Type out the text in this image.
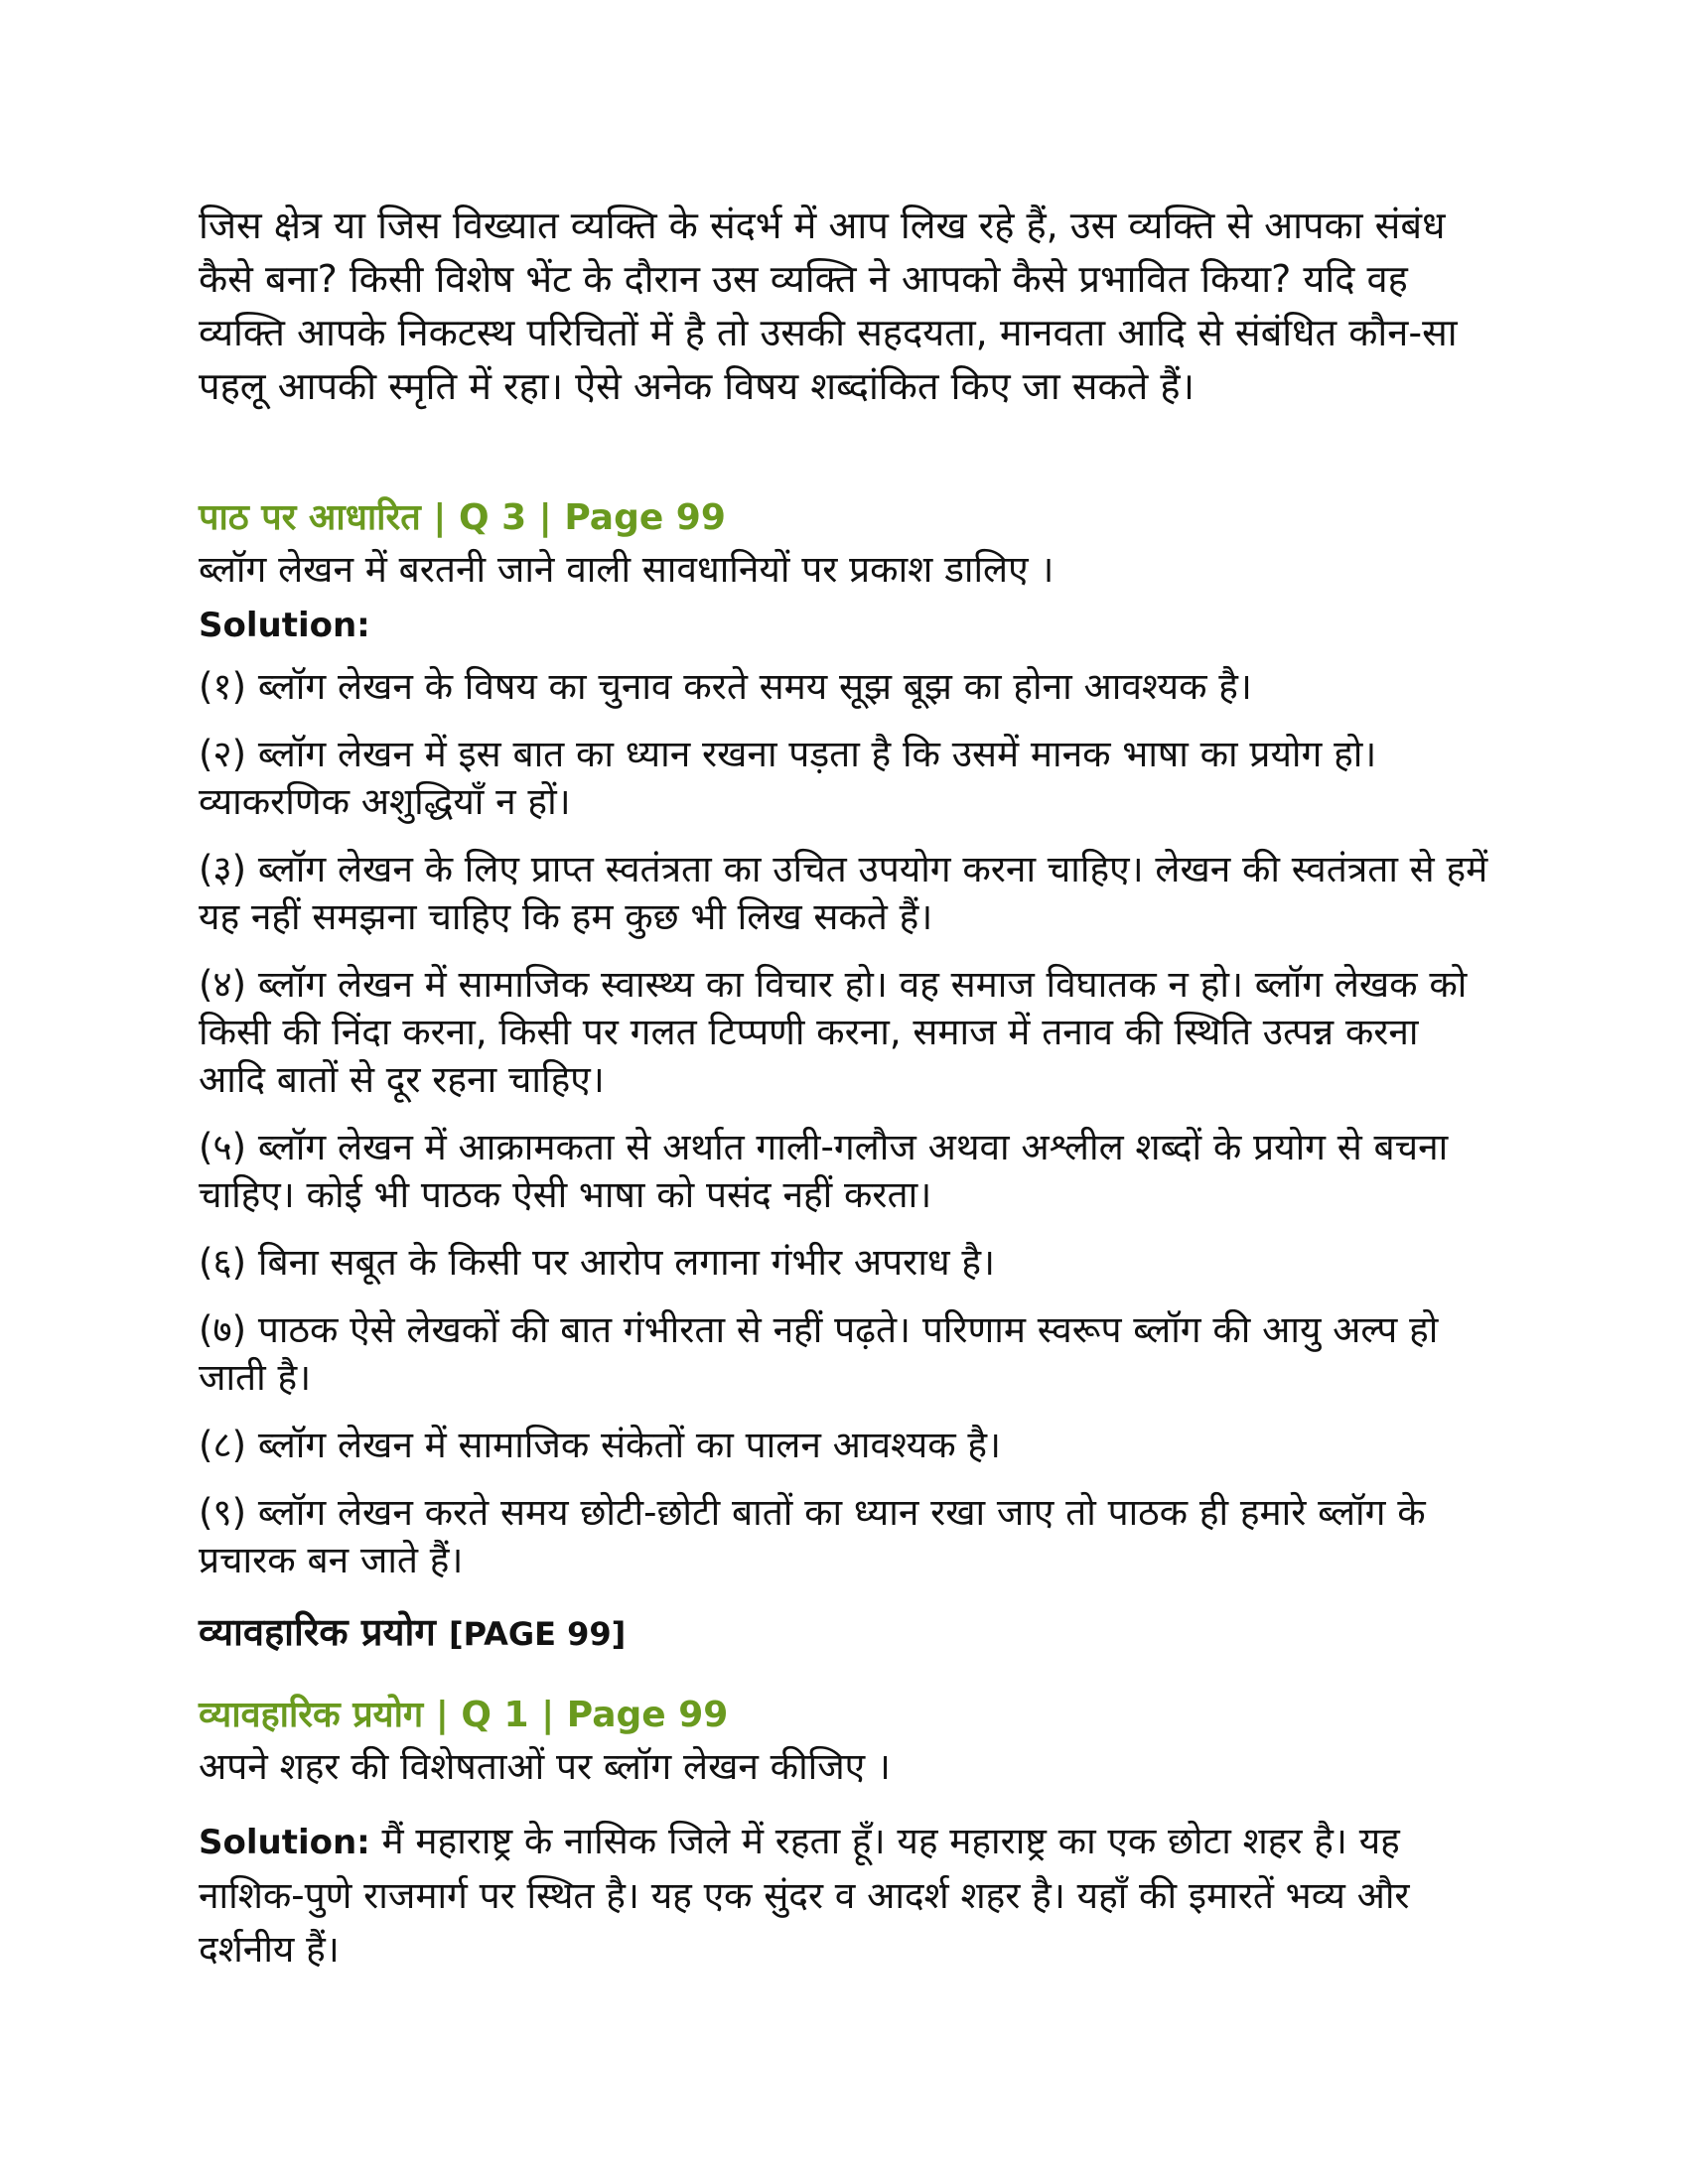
जिस क्षेत्र या जिस विख्यात व्यक्ति के संदर्भ में आप लिख रहे हैं, उस व्यक्ति से आपका संबंध कैसे बना? किसी विशेष भेंट के दौरान उस व्यक्ति ने आपको कैसे प्रभावित किया? यदि वह व्यक्ति आपके निकटस्थ परिचितों में है तो उसकी सहदयता, मानवता आदि से संबंधित कौन-सा पहलू आपकी स्मृति में रहा। ऐसे अनेक विषय शब्दांकित किए जा सकते हैं।

पाठ पर आधारित | Q 3 | Page 99

ब्लॉग लेखन में बरतनी जाने वाली सावधानियों पर प्रकाश डालिए ।

Solution:

(१) ब्लॉग लेखन के विषय का चुनाव करते समय सूझ बूझ का होना आवश्यक है।
(२) ब्लॉग लेखन में इस बात का ध्यान रखना पड़ता है कि उसमें मानक भाषा का प्रयोग हो। व्याकरणिक अशुद्धियाँ न हों।
(३) ब्लॉग लेखन के लिए प्राप्त स्वतंत्रता का उचित उपयोग करना चाहिए। लेखन की स्वतंत्रता से हमें यह नहीं समझना चाहिए कि हम कुछ भी लिख सकते हैं।
(४) ब्लॉग लेखन में सामाजिक स्वास्थ्य का विचार हो। वह समाज विघातक न हो। ब्लॉग लेखक को किसी की निंदा करना, किसी पर गलत टिप्पणी करना, समाज में तनाव की स्थिति उत्पन्न करना आदि बातों से दूर रहना चाहिए।
(५) ब्लॉग लेखन में आक्रामकता से अर्थात गाली-गलौज अथवा अश्लील शब्दों के प्रयोग से बचना चाहिए। कोई भी पाठक ऐसी भाषा को पसंद नहीं करता।
(६) बिना सबूत के किसी पर आरोप लगाना गंभीर अपराध है।
(७) पाठक ऐसे लेखकों की बात गंभीरता से नहीं पढ़ते। परिणाम स्वरूप ब्लॉग की आयु अल्प हो जाती है।
(८) ब्लॉग लेखन में सामाजिक संकेतों का पालन आवश्यक है।
(९) ब्लॉग लेखन करते समय छोटी-छोटी बातों का ध्यान रखा जाए तो पाठक ही हमारे ब्लॉग के प्रचारक बन जाते हैं।

व्यावहारिक प्रयोग [PAGE 99]

व्यावहारिक प्रयोग | Q 1 | Page 99

अपने शहर की विशेषताओं पर ब्लॉग लेखन कीजिए ।

Solution: मैं महाराष्ट्र के नासिक जिले में रहता हूँ। यह महाराष्ट्र का एक छोटा शहर है। यह नाशिक-पुणे राजमार्ग पर स्थित है। यह एक सुंदर व आदर्श शहर है। यहाँ की इमारतें भव्य और दर्शनीय हैं।
